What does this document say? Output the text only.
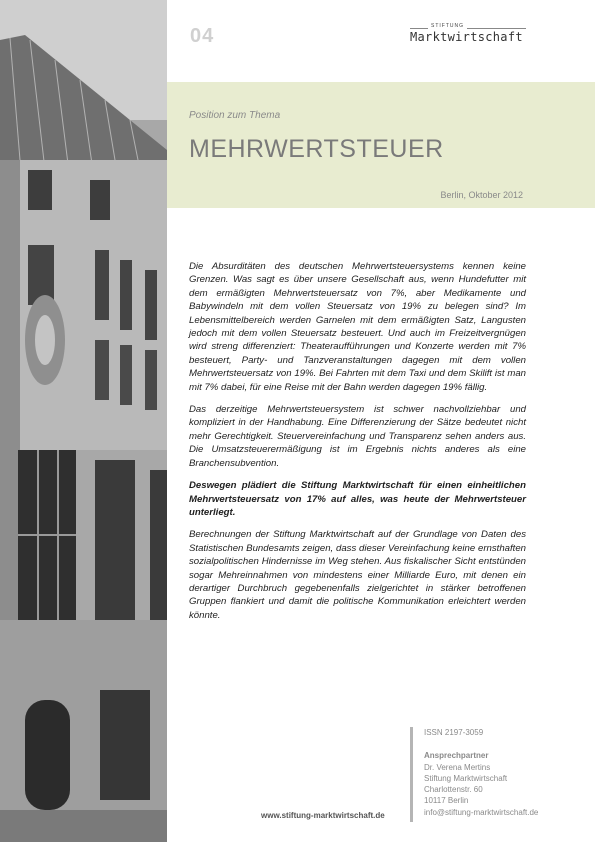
04	STIFTUNG
Marktwirtschaft
Position zum Thema
MEHRWERTSTEUER
Berlin, Oktober 2012

Die Absurditäten des deutschen Mehrwertsteuersystems kennen keine Grenzen. Was sagt es über unsere Gesellschaft aus, wenn Hundefutter mit dem ermäßigten Mehrwertsteuersatz von 7%, aber Medikamente und Babywindeln mit dem vollen Steuersatz von 19% zu belegen sind? Im Lebensmittelbereich werden Garnelen mit dem ermäßigten Satz, Langusten jedoch mit dem vollen Steuersatz besteuert. Und auch im Freizeitvergnügen wird streng differenziert: Theateraufführungen und Konzerte werden mit 7% besteuert, Party- und Tanzveranstaltungen dagegen mit dem vollen Mehrwertsteuersatz von 19%. Bei Fahrten mit dem Taxi und dem Skilift ist man mit 7% dabei, für eine Reise mit der Bahn werden dagegen 19% fällig.

Das derzeitige Mehrwertsteuersystem ist schwer nachvollziehbar und kompliziert in der Handhabung. Eine Differenzierung der Sätze bedeutet nicht mehr Gerechtigkeit. Steuervereinfachung und Transparenz sehen anders aus. Die Umsatzsteuerermäßigung ist im Ergebnis nichts anderes als eine Branchensubvention.

Deswegen plädiert die Stiftung Marktwirtschaft für einen einheitlichen Mehrwertsteuersatz von 17% auf alles, was heute der Mehrwertsteuer unterliegt.

Berechnungen der Stiftung Marktwirtschaft auf der Grundlage von Daten des Statistischen Bundesamts zeigen, dass dieser Vereinfachung keine ernsthaften sozialpolitischen Hindernisse im Weg stehen. Aus fiskalischer Sicht entstünden sogar Mehreinnahmen von mindestens einer Milliarde Euro, mit denen ein derartiger Durchbruch gegebenenfalls zielgerichtet in stärker betroffenen Gruppen flankiert und damit die politische Kommunikation erleichtert werden könnte.

ISSN 2197-3059
Ansprechpartner
Dr. Verena Mertins
Stiftung Marktwirtschaft
Charlottenstr. 60
10117 Berlin
info@stiftung-marktwirtschaft.de
www.stiftung-marktwirtschaft.de
